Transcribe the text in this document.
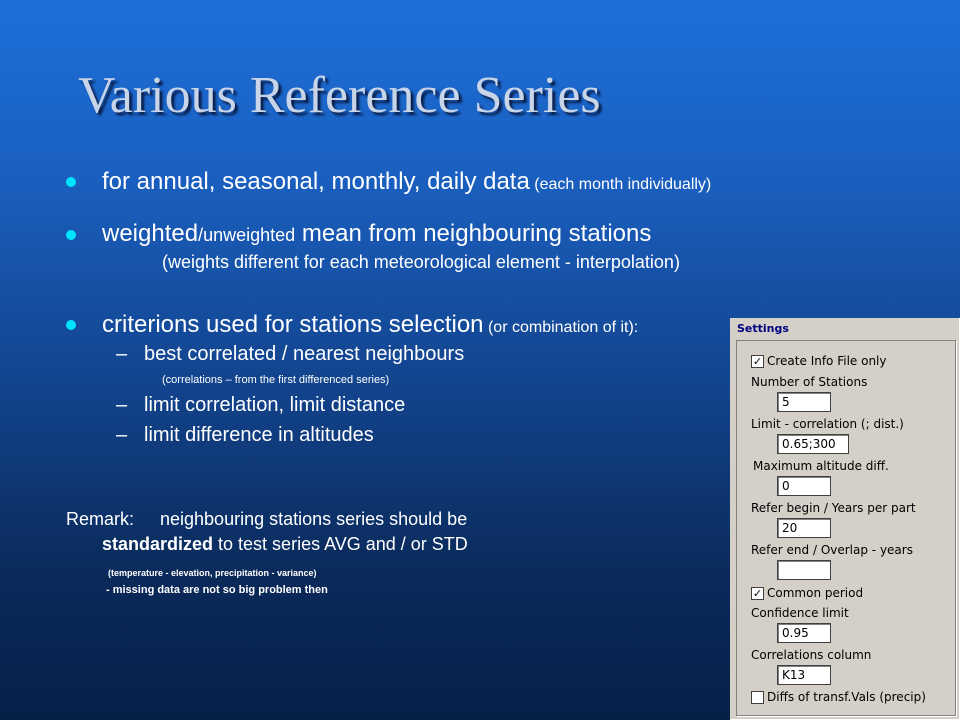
Various Reference Series
for annual, seasonal, monthly, daily data (each month individually)
weighted/unweighted mean from neighbouring stations
(weights different for each meteorological element - interpolation)
criterions used for stations selection (or combination of it):
– best correlated / nearest neighbours
(correlations – from the first differenced series)
– limit correlation, limit distance
– limit difference in altitudes
Remark: neighbouring stations series should be
standardized to test series AVG and / or STD
(temperature - elevation, precipitation - variance)
- missing data are not so big problem then
Settings
✓ Create Info File only
Number of Stations
5
Limit - correlation (; dist.)
0.65;300
Maximum altitude diff.
0
Refer begin / Years per part
20
Refer end / Overlap - years
✓ Common period
Confidence limit
0.95
Correlations column
K13
Diffs of transf.Vals (precip)
